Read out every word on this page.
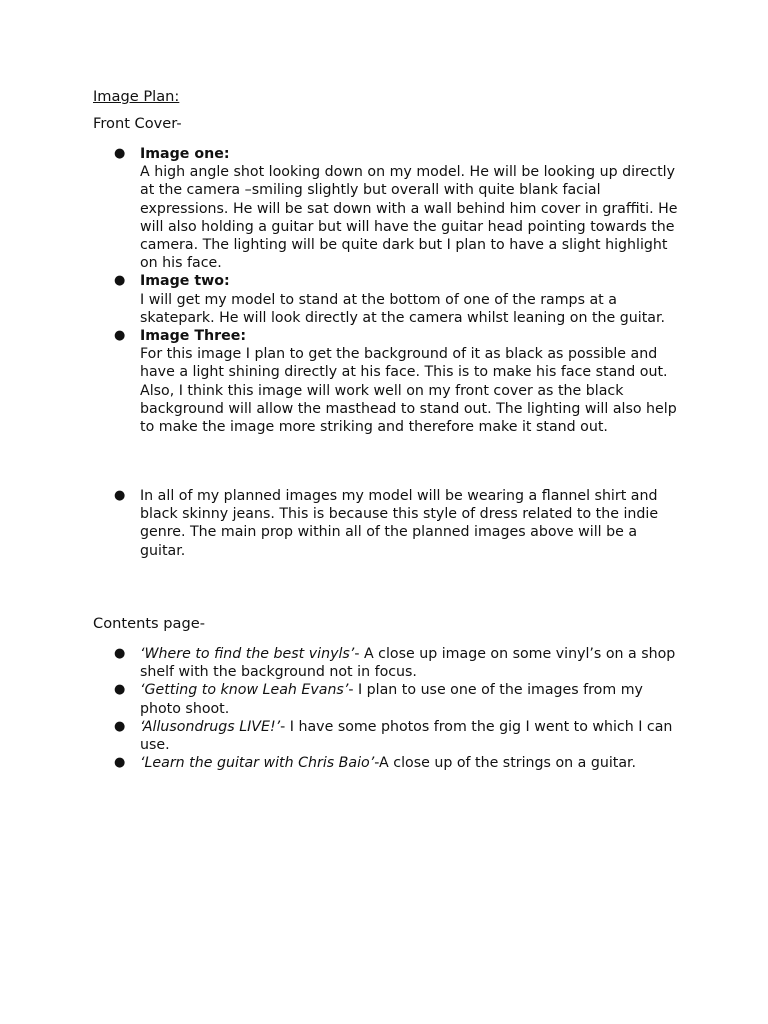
Image Plan:

Front Cover-

● Image one:
A high angle shot looking down on my model. He will be looking up directly at the camera –smiling slightly but overall with quite blank facial expressions. He will be sat down with a wall behind him cover in graffiti. He will also holding a guitar but will have the guitar head pointing towards the camera. The lighting will be quite dark but I plan to have a slight highlight on his face.
● Image two:
I will get my model to stand at the bottom of one of the ramps at a skatepark. He will look directly at the camera whilst leaning on the guitar.
● Image Three:
For this image I plan to get the background of it as black as possible and have a light shining directly at his face. This is to make his face stand out. Also, I think this image will work well on my front cover as the black background will allow the masthead to stand out. The lighting will also help to make the image more striking and therefore make it stand out.
● In all of my planned images my model will be wearing a flannel shirt and black skinny jeans. This is because this style of dress related to the indie genre. The main prop within all of the planned images above will be a guitar.

Contents page-

● ‘Where to find the best vinyls’- A close up image on some vinyl’s on a shop shelf with the background not in focus.
● ‘Getting to know Leah Evans’- I plan to use one of the images from my photo shoot.
● ‘Allusondrugs LIVE!’- I have some photos from the gig I went to which I can use.
● ‘Learn the guitar with Chris Baio’-A close up of the strings on a guitar.
